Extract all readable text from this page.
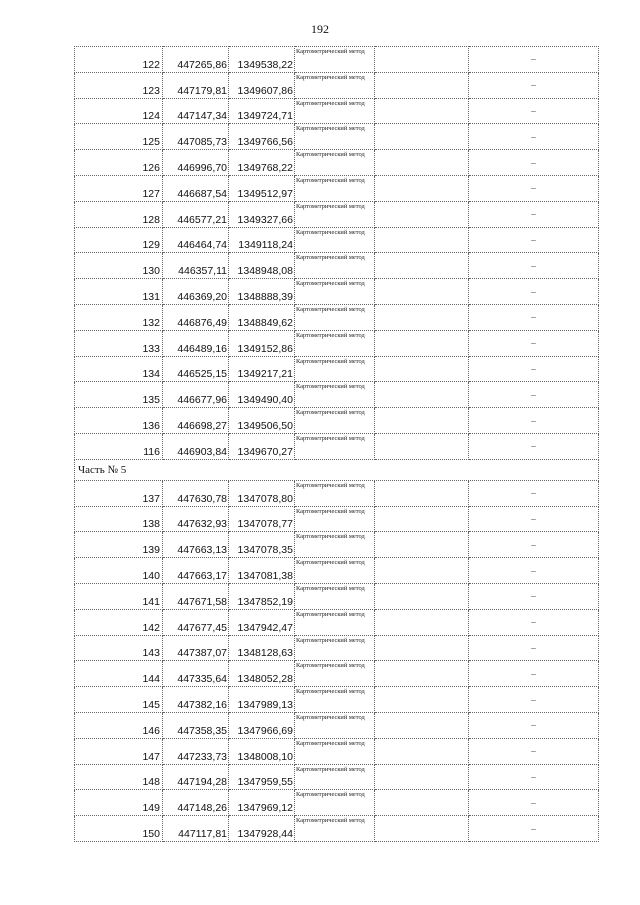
192
122	447265,86	1349538,22	Картометрический метод		–
123	447179,81	1349607,86	Картометрический метод		–
124	447147,34	1349724,71	Картометрический метод		–
125	447085,73	1349766,56	Картометрический метод		–
126	446996,70	1349768,22	Картометрический метод		–
127	446687,54	1349512,97	Картометрический метод		–
128	446577,21	1349327,66	Картометрический метод		–
129	446464,74	1349118,24	Картометрический метод		–
130	446357,11	1348948,08	Картометрический метод		–
131	446369,20	1348888,39	Картометрический метод		–
132	446876,49	1348849,62	Картометрический метод		–
133	446489,16	1349152,86	Картометрический метод		–
134	446525,15	1349217,21	Картометрический метод		–
135	446677,96	1349490,40	Картометрический метод		–
136	446698,27	1349506,50	Картометрический метод		–
116	446903,84	1349670,27	Картометрический метод		–
Часть № 5					
137	447630,78	1347078,80	Картометрический метод		–
138	447632,93	1347078,77	Картометрический метод		–
139	447663,13	1347078,35	Картометрический метод		–
140	447663,17	1347081,38	Картометрический метод		–
141	447671,58	1347852,19	Картометрический метод		–
142	447677,45	1347942,47	Картометрический метод		–
143	447387,07	1348128,63	Картометрический метод		–
144	447335,64	1348052,28	Картометрический метод		–
145	447382,16	1347989,13	Картометрический метод		–
146	447358,35	1347966,69	Картометрический метод		–
147	447233,73	1348008,10	Картометрический метод		–
148	447194,28	1347959,55	Картометрический метод		–
149	447148,26	1347969,12	Картометрический метод		–
150	447117,81	1347928,44	Картометрический метод		–
